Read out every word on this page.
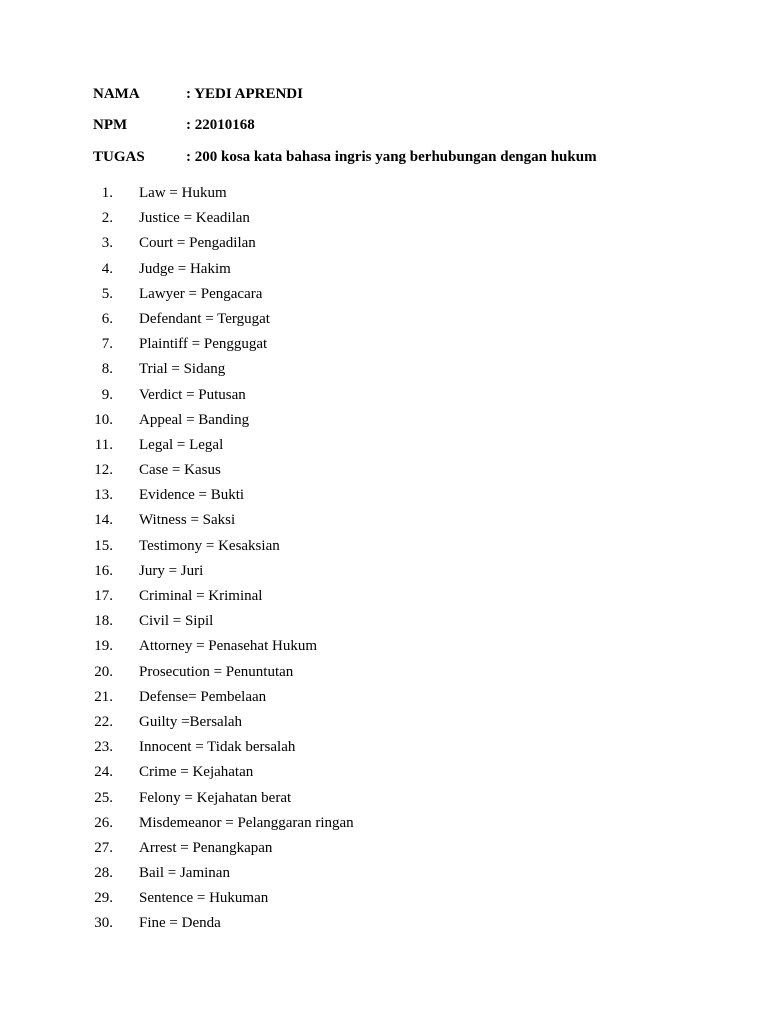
NAMA	: YEDI APRENDI
NPM	: 22010168
TUGAS	: 200 kosa kata bahasa ingris yang berhubungan dengan hukum
1.	Law = Hukum
2.	Justice = Keadilan
3.	Court = Pengadilan
4.	Judge = Hakim
5.	Lawyer = Pengacara
6.	Defendant = Tergugat
7.	Plaintiff = Penggugat
8.	Trial = Sidang
9.	Verdict = Putusan
10.	Appeal = Banding
11.	Legal = Legal
12.	Case = Kasus
13.	Evidence = Bukti
14.	Witness = Saksi
15.	Testimony = Kesaksian
16.	Jury = Juri
17.	Criminal = Kriminal
18.	Civil = Sipil
19.	Attorney = Penasehat Hukum
20.	Prosecution = Penuntutan
21.	Defense= Pembelaan
22.	Guilty =Bersalah
23.	Innocent = Tidak bersalah
24.	Crime = Kejahatan
25.	Felony = Kejahatan berat
26.	Misdemeanor = Pelanggaran ringan
27.	Arrest = Penangkapan
28.	Bail = Jaminan
29.	Sentence = Hukuman
30.	Fine = Denda
